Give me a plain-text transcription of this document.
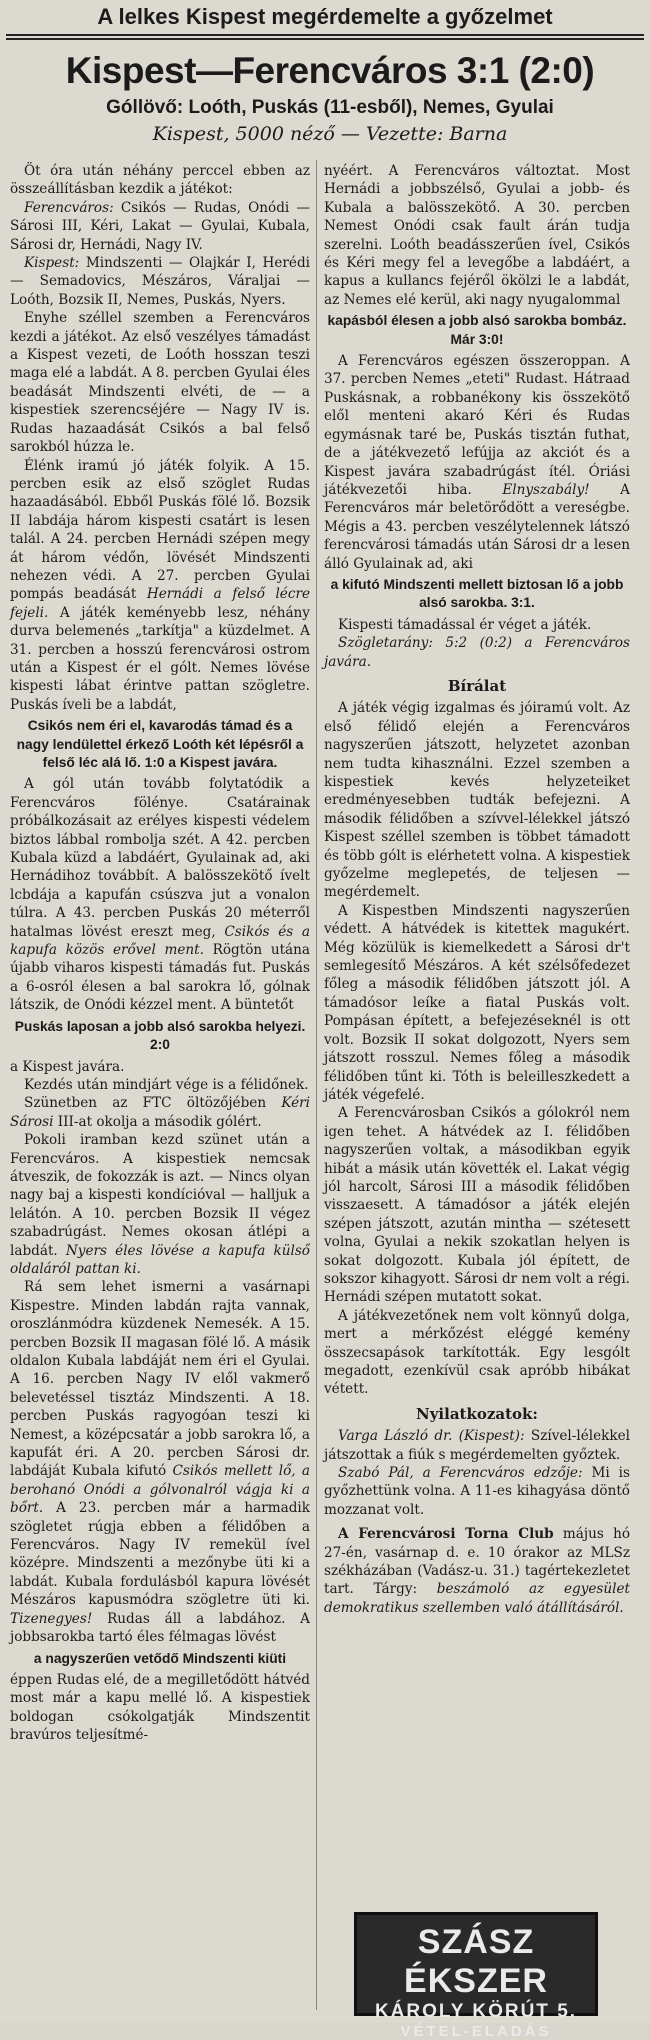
A lelkes Kispest megérdemelte a győzelmet
Kispest—Ferencváros 3:1 (2:0)
Góllövő: Loóth, Puskás (11-esből), Nemes, Gyulai
Kispest, 5000 néző — Vezette: Barna

Öt óra után néhány perccel ebben az összeállításban kezdik a játékot:

Ferencváros: Csikós — Rudas, Onódi — Sárosi III, Kéri, Lakat — Gyulai, Kubala, Sárosi dr, Hernádi, Nagy IV.

Kispest: Mindszenti — Olajkár I, Herédi — Semadovics, Mészáros, Váraljai — Loóth, Bozsik II, Nemes, Puskás, Nyers.

Enyhe széllel szemben a Ferencváros kezdi a játékot. Az első veszélyes támadást a Kispest vezeti, de Loóth hosszan teszi maga elé a labdát. A 8. percben Gyulai éles beadását Mindszenti elvéti, de — a kispestiek szerencséjére — Nagy IV is. Rudas hazaadását Csikós a bal felső sarokból húzza le.

Élénk iramú jó játék folyik. A 15. percben esik az első szöglet Rudas hazaadásából. Ebből Puskás fölé lő. Bozsik II labdája három kispesti csatárt is lesen talál. A 24. percben Hernádi szépen megy át három védőn, lövését Mindszenti nehezen védi. A 27. percben Gyulai pompás beadását Hernádi a felső lécre fejeli. A játék keményebb lesz, néhány durva belemenés „tarkítja" a küzdelmet. A 31. percben a hosszú ferencvárosi ostrom után a Kispest ér el gólt. Nemes lövése kispesti lábat érintve pattan szögletre. Puskás íveli be a labdát,

Csikós nem éri el, kavarodás támad és a nagy lendülettel érkező Loóth két lépésről a felső léc alá lő. 1:0 a Kispest javára.

A gól után tovább folytatódik a Ferencváros fölénye. Csatárainak próbálkozásait az erélyes kispesti védelem biztos lábbal rombolja szét. A 42. percben Kubala küzd a labdáért, Gyulainak ad, aki Hernádihoz továbbít. A balösszekötő ívelt lcbdája a kapufán csúszva jut a vonalon túlra. A 43. percben Puskás 20 méterről hatalmas lövést ereszt meg, Csikós és a kapufa közös erővel ment. Rögtön utána újabb viharos kispesti támadás fut. Puskás a 6-osról élesen a bal sarokra lő, gólnak látszik, de Onódi kézzel ment. A büntetőt

Puskás laposan a jobb alsó sarokba helyezi. 2:0

a Kispest javára.

Kezdés után mindjárt vége is a félidőnek.

Szünetben az FTC öltözőjében Kéri Sárosi III-at okolja a második gólért.

Pokoli iramban kezd szünet után a Ferencváros. A kispestiek nemcsak átveszik, de fokozzák is azt. — Nincs olyan nagy baj a kispesti kondícióval — halljuk a lelátón. A 10. percben Bozsik II végez szabadrúgást. Nemes okosan átlépi a labdát. Nyers éles lövése a kapufa külső oldaláról pattan ki.

Rá sem lehet ismerni a vasárnapi Kispestre. Minden labdán rajta vannak, oroszlánmódra küzdenek Nemesék. A 15. percben Bozsik II magasan fölé lő. A másik oldalon Kubala labdáját nem éri el Gyulai. A 16. percben Nagy IV elől vakmerő belevetéssel tisztáz Mindszenti. A 18. percben Puskás ragyogóan teszi ki Nemest, a középcsatár a jobb sarokra lő, a kapufát éri. A 20. percben Sárosi dr. labdáját Kubala kifutó Csikós mellett lő, a berohanó Onódi a gólvonalról vágja ki a bőrt. A 23. percben már a harmadik szögletet rúgja ebben a félidőben a Ferencváros. Nagy IV remekül ível középre. Mindszenti a mezőnybe üti ki a labdát. Kubala fordulásból kapura lövését Mészáros kapusmódra szögletre üti ki. Tizenegyes! Rudas áll a labdához. A jobbsarokba tartó éles félmagas lövést

a nagyszerűen vetődő Mindszenti kiüti

éppen Rudas elé, de a megilletődött hátvéd most már a kapu mellé lő. A kispestiek boldogan csókolgatják Mindszentit bravúros teljesítmé-

nyéért. A Ferencváros változtat. Most Hernádi a jobbszélső, Gyulai a jobb- és Kubala a balösszekötő. A 30. percben Nemest Onódi csak fault árán tudja szerelni. Loóth beadásszerűen ível, Csikós és Kéri megy fel a levegőbe a labdáért, a kapus a kullancs fejéről ökölzi le a labdát, az Nemes elé kerül, aki nagy nyugalommal

kapásból élesen a jobb alsó sarokba bombáz. Már 3:0!

A Ferencváros egészen összeroppan. A 37. percben Nemes „eteti" Rudast. Hátraad Puskásnak, a robbanékony kis összekötő elől menteni akaró Kéri és Rudas egymásnak taré be, Puskás tisztán futhat, de a játékvezető lefújja az akciót és a Kispest javára szabadrúgást ítél. Óriási játékvezetői hiba. Elnyszabály! A Ferencváros már beletörődött a vereségbe. Mégis a 43. percben veszélytelennek látszó ferencvárosi támadás után Sárosi dr a lesen álló Gyulainak ad, aki

a kifutó Mindszenti mellett biztosan lő a jobb alsó sarokba. 3:1.

Kispesti támadással ér véget a játék.

Szögletarány: 5:2 (0:2) a Ferencváros javára.

Bírálat

A játék végig izgalmas és jóiramú volt. Az első félidő elején a Ferencváros nagyszerűen játszott, helyzetet azonban nem tudta kihasználni. Ezzel szemben a kispestiek kevés helyzeteiket eredményesebben tudták befejezni. A második félidőben a szívvel-lélekkel játszó Kispest széllel szemben is többet támadott és több gólt is elérhetett volna. A kispestiek győzelme meglepetés, de teljesen — megérdemelt.

A Kispestben Mindszenti nagyszerűen védett. A hátvédek is kitettek magukért. Még közülük is kiemelkedett a Sárosi dr't semlegesítő Mészáros. A két szélsőfedezet főleg a második félidőben játszott jól. A támadósor leíke a fiatal Puskás volt. Pompásan épített, a befejezéseknél is ott volt. Bozsik II sokat dolgozott, Nyers sem játszott rosszul. Nemes főleg a második félidőben tűnt ki. Tóth is beleilleszkedett a játék végefelé.

A Ferencvárosban Csikós a gólokról nem igen tehet. A hátvédek az I. félidőben nagyszerűen voltak, a másodikban egyik hibát a másik után követték el. Lakat végig jól harcolt, Sárosi III a második félidőben visszaesett. A támadósor a játék elején szépen játszott, azután mintha — szétesett volna, Gyulai a nekik szokatlan helyen is sokat dolgozott. Kubala jól épített, de sokszor kihagyott. Sárosi dr nem volt a régi. Hernádi szépen mutatott sokat.

A játékvezetőnek nem volt könnyű dolga, mert a mérkőzést eléggé kemény összecsapások tarkították. Egy lesgólt megadott, ezenkívül csak apróbb hibákat vétett.

Nyilatkozatok:

Varga László dr. (Kispest): Szível-lélekkel játszottak a fiúk s megérdemelten győztek.

Szabó Pál, a Ferencváros edzője: Mi is győzhettünk volna. A 11-es kihagyása döntő mozzanat volt.

A Ferencvárosi Torna Club május hó 27-én, vasárnap d. e. 10 órakor az MLSz székházában (Vadász-u. 31.) tagértekezletet tart. Tárgy: beszámoló az egyesület demokratikus szellemben való átállításáról.

SZÁSZ ÉKSZER
KÁROLY KÖRÚT 5.
VÉTEL-ELADÁS
